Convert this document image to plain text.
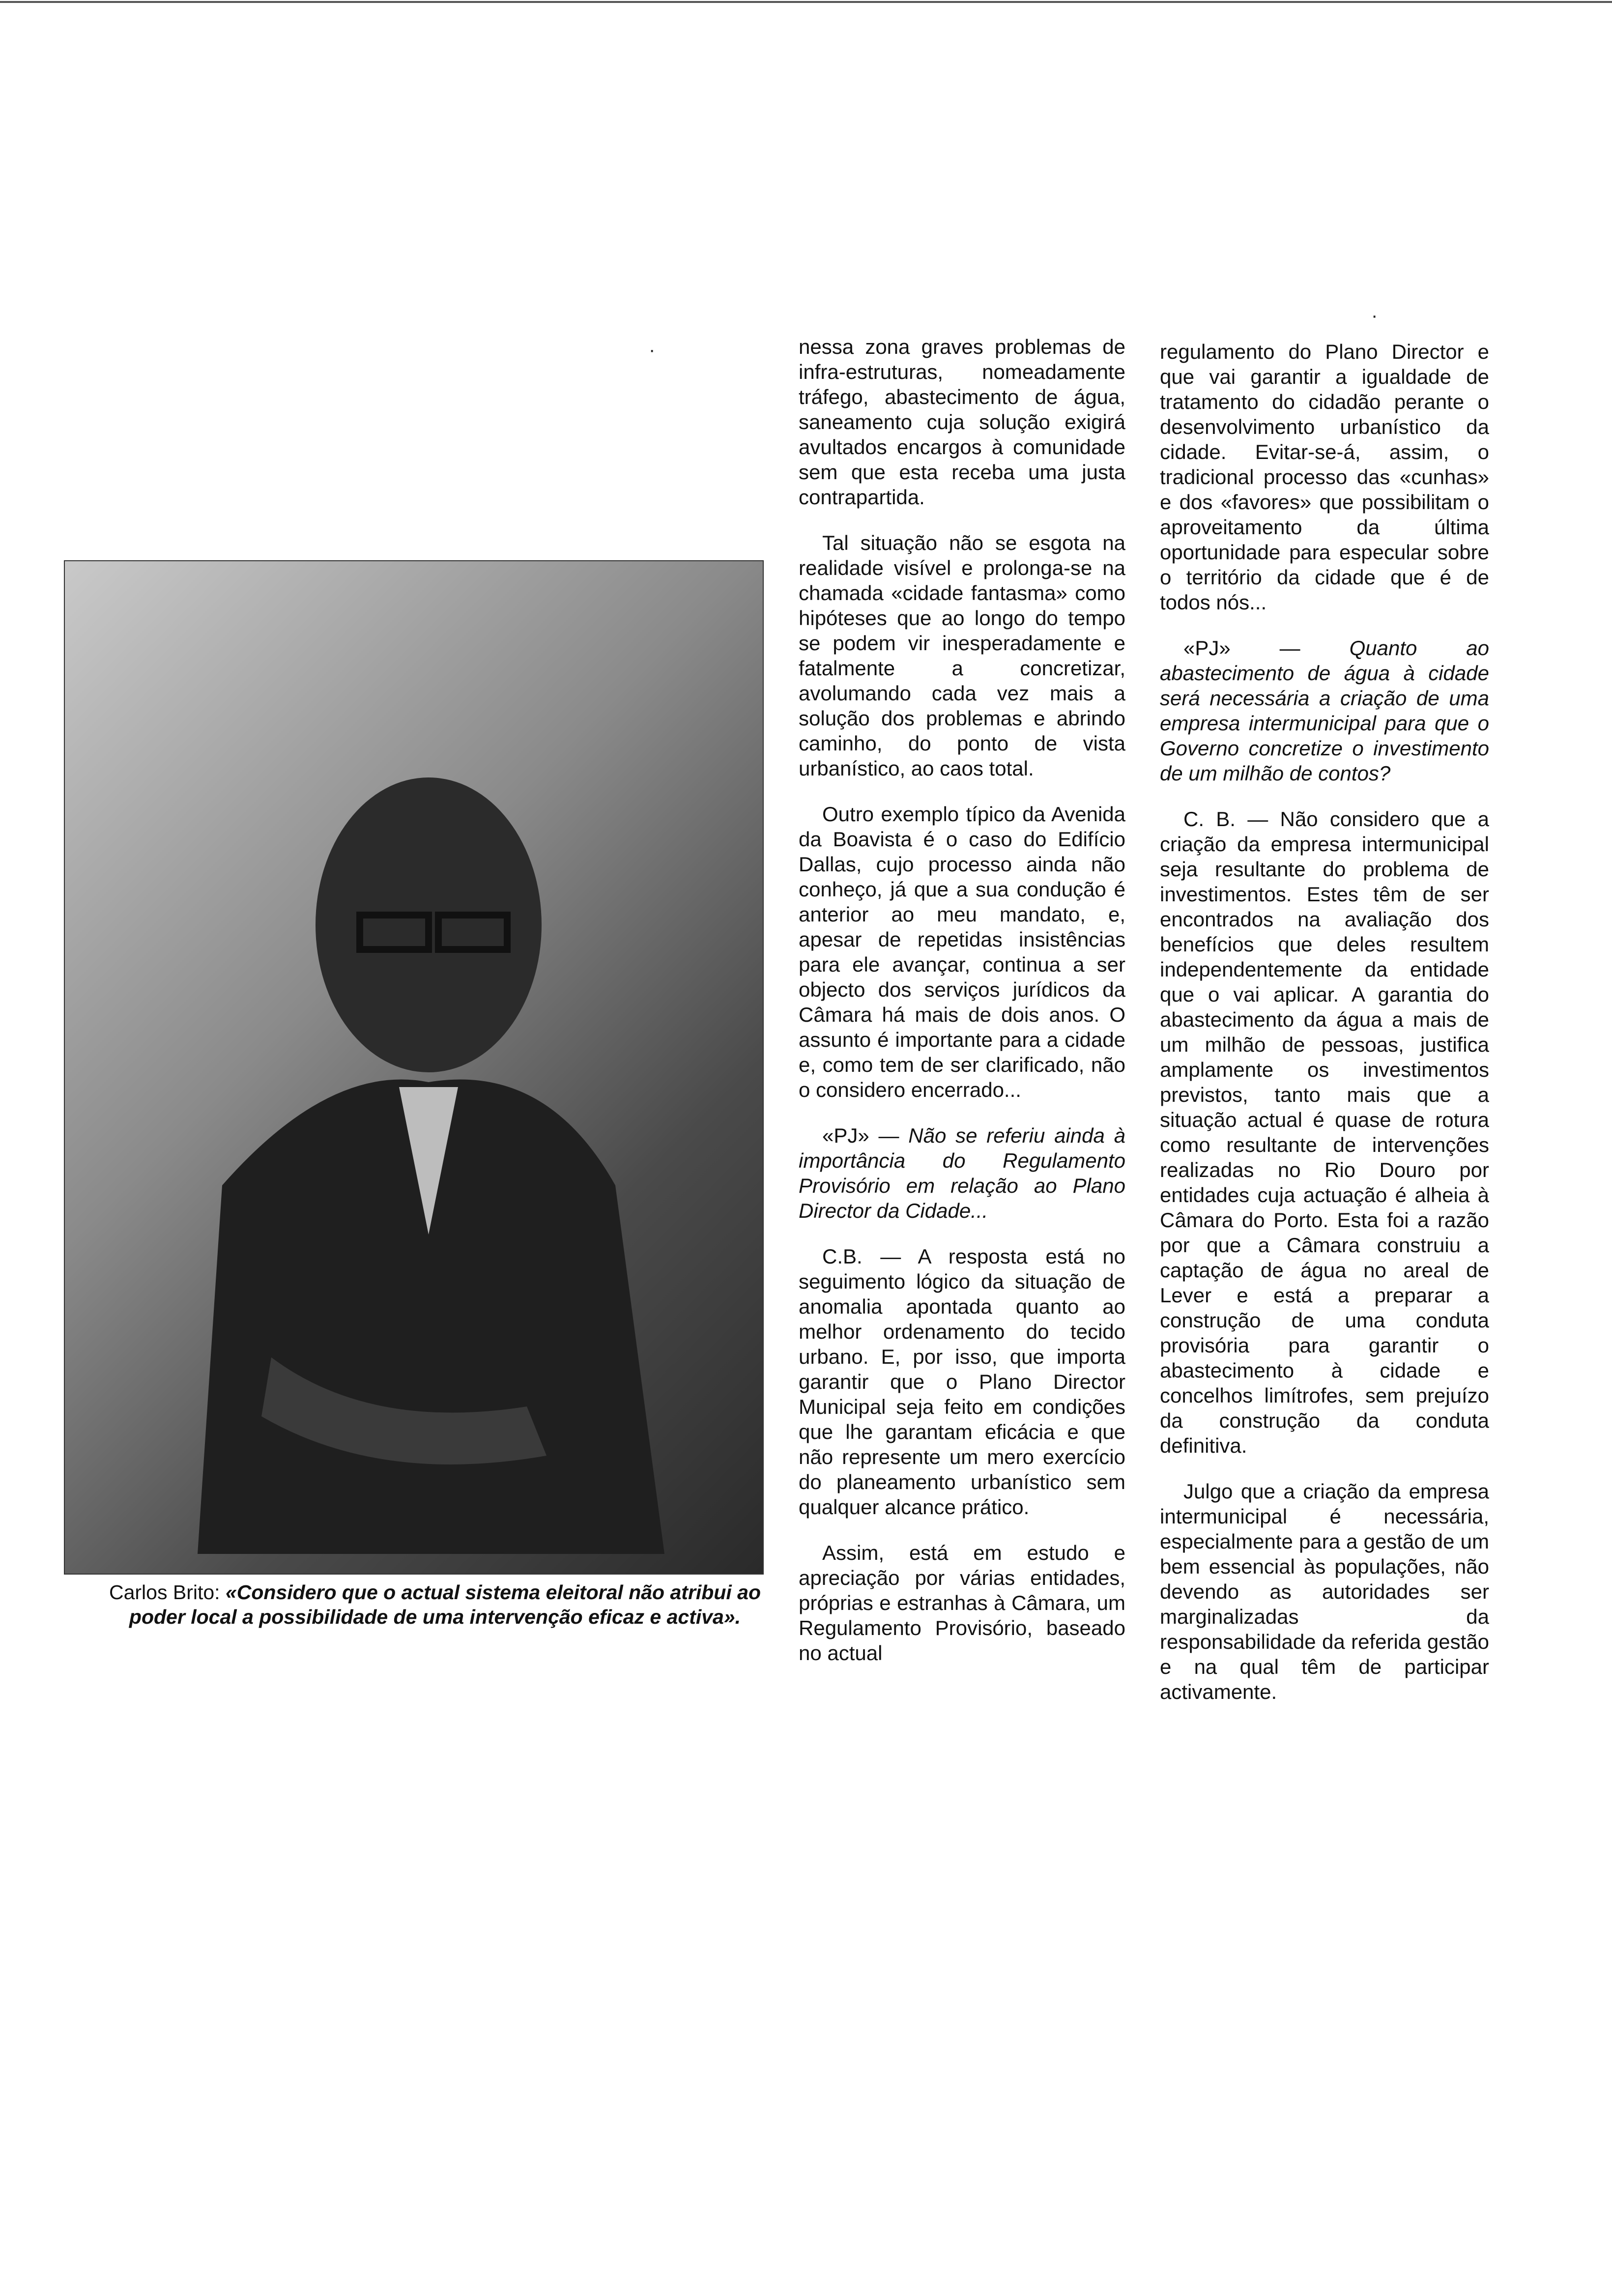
Carlos Brito: «Considero que o actual sistema eleitoral não atribui ao poder local a possibilidade de uma intervenção eficaz e activa».

nessa zona graves problemas de infra-estruturas, nomeadamente tráfego, abastecimento de água, saneamento cuja solução exigirá avultados encargos à comunidade sem que esta receba uma justa contrapartida.

Tal situação não se esgota na realidade visível e prolonga-se na chamada «cidade fantasma» como hipóteses que ao longo do tempo se podem vir inesperadamente e fatalmente a concretizar, avolumando cada vez mais a solução dos problemas e abrindo caminho, do ponto de vista urbanístico, ao caos total.

Outro exemplo típico da Avenida da Boavista é o caso do Edifício Dallas, cujo processo ainda não conheço, já que a sua condução é anterior ao meu mandato, e, apesar de repetidas insistências para ele avançar, continua a ser objecto dos serviços jurídicos da Câmara há mais de dois anos. O assunto é importante para a cidade e, como tem de ser clarificado, não o considero encerrado...

«PJ» — Não se referiu ainda à importância do Regulamento Provisório em relação ao Plano Director da Cidade...

C.B. — A resposta está no seguimento lógico da situação de anomalia apontada quanto ao melhor ordenamento do tecido urbano. E, por isso, que importa garantir que o Plano Director Municipal seja feito em condições que lhe garantam eficácia e que não represente um mero exercício do planeamento urbanístico sem qualquer alcance prático.

Assim, está em estudo e apreciação por várias entidades, próprias e estranhas à Câmara, um Regulamento Provisório, baseado no actual

regulamento do Plano Director e que vai garantir a igualdade de tratamento do cidadão perante o desenvolvimento urbanístico da cidade. Evitar-se-á, assim, o tradicional processo das «cunhas» e dos «favores» que possibilitam o aproveitamento da última oportunidade para especular sobre o território da cidade que é de todos nós...

«PJ» — Quanto ao abastecimento de água à cidade será necessária a criação de uma empresa intermunicipal para que o Governo concretize o investimento de um milhão de contos?

C. B. — Não considero que a criação da empresa intermunicipal seja resultante do problema de investimentos. Estes têm de ser encontrados na avaliação dos benefícios que deles resultem independentemente da entidade que o vai aplicar. A garantia do abastecimento da água a mais de um milhão de pessoas, justifica amplamente os investimentos previstos, tanto mais que a situação actual é quase de rotura como resultante de intervenções realizadas no Rio Douro por entidades cuja actuação é alheia à Câmara do Porto. Esta foi a razão por que a Câmara construiu a captação de água no areal de Lever e está a preparar a construção de uma conduta provisória para garantir o abastecimento à cidade e concelhos limítrofes, sem prejuízo da construção da conduta definitiva.

Julgo que a criação da empresa intermunicipal é necessária, especialmente para a gestão de um bem essencial às populações, não devendo as autoridades ser marginalizadas da responsabilidade da referida gestão e na qual têm de participar activamente.

·
·
